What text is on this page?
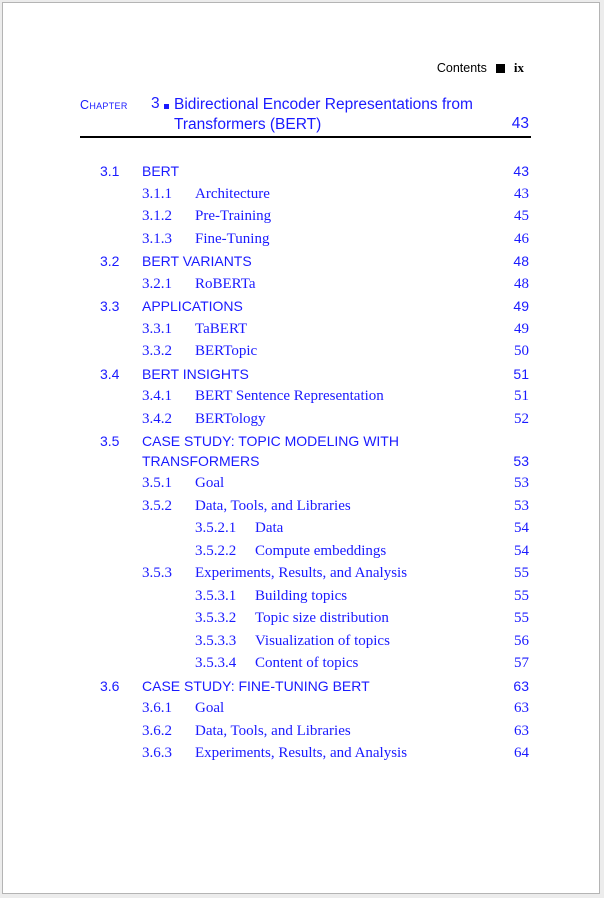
Contents ix
Chapter 3 Bidirectional Encoder Representations from
Transformers (BERT)	43
3.1 BERT	43
3.1.1 Architecture	43
3.1.2 Pre-Training	45
3.1.3 Fine-Tuning	46
3.2 BERT VARIANTS	48
3.2.1 RoBERTa	48
3.3 APPLICATIONS	49
3.3.1 TaBERT	49
3.3.2 BERTopic	50
3.4 BERT INSIGHTS	51
3.4.1 BERT Sentence Representation	51
3.4.2 BERTology	52
3.5 CASE STUDY: TOPIC MODELING WITH
TRANSFORMERS	53
3.5.1 Goal	53
3.5.2 Data, Tools, and Libraries	53
3.5.2.1 Data	54
3.5.2.2 Compute embeddings	54
3.5.3 Experiments, Results, and Analysis	55
3.5.3.1 Building topics	55
3.5.3.2 Topic size distribution	55
3.5.3.3 Visualization of topics	56
3.5.3.4 Content of topics	57
3.6 CASE STUDY: FINE-TUNING BERT	63
3.6.1 Goal	63
3.6.2 Data, Tools, and Libraries	63
3.6.3 Experiments, Results, and Analysis	64
